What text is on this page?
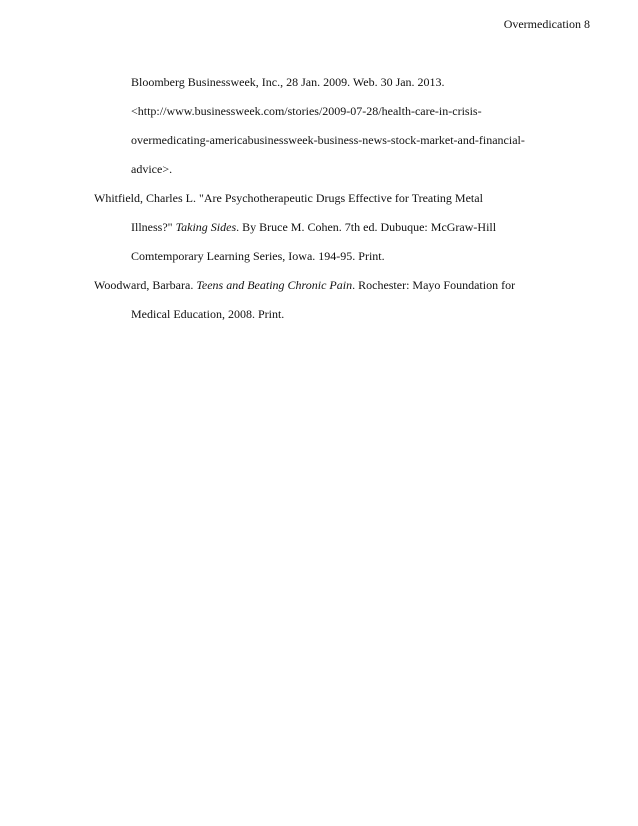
Overmedication 8
Bloomberg Businessweek, Inc., 28 Jan. 2009. Web. 30 Jan. 2013.
<http://www.businessweek.com/stories/2009-07-28/health-care-in-crisis-
overmedicating-americabusinessweek-business-news-stock-market-and-financial-
advice>.
Whitfield, Charles L. "Are Psychotherapeutic Drugs Effective for Treating Metal
Illness?" Taking Sides. By Bruce M. Cohen. 7th ed. Dubuque: McGraw-Hill
Comtemporary Learning Series, Iowa. 194-95. Print.
Woodward, Barbara. Teens and Beating Chronic Pain. Rochester: Mayo Foundation for
Medical Education, 2008. Print.
